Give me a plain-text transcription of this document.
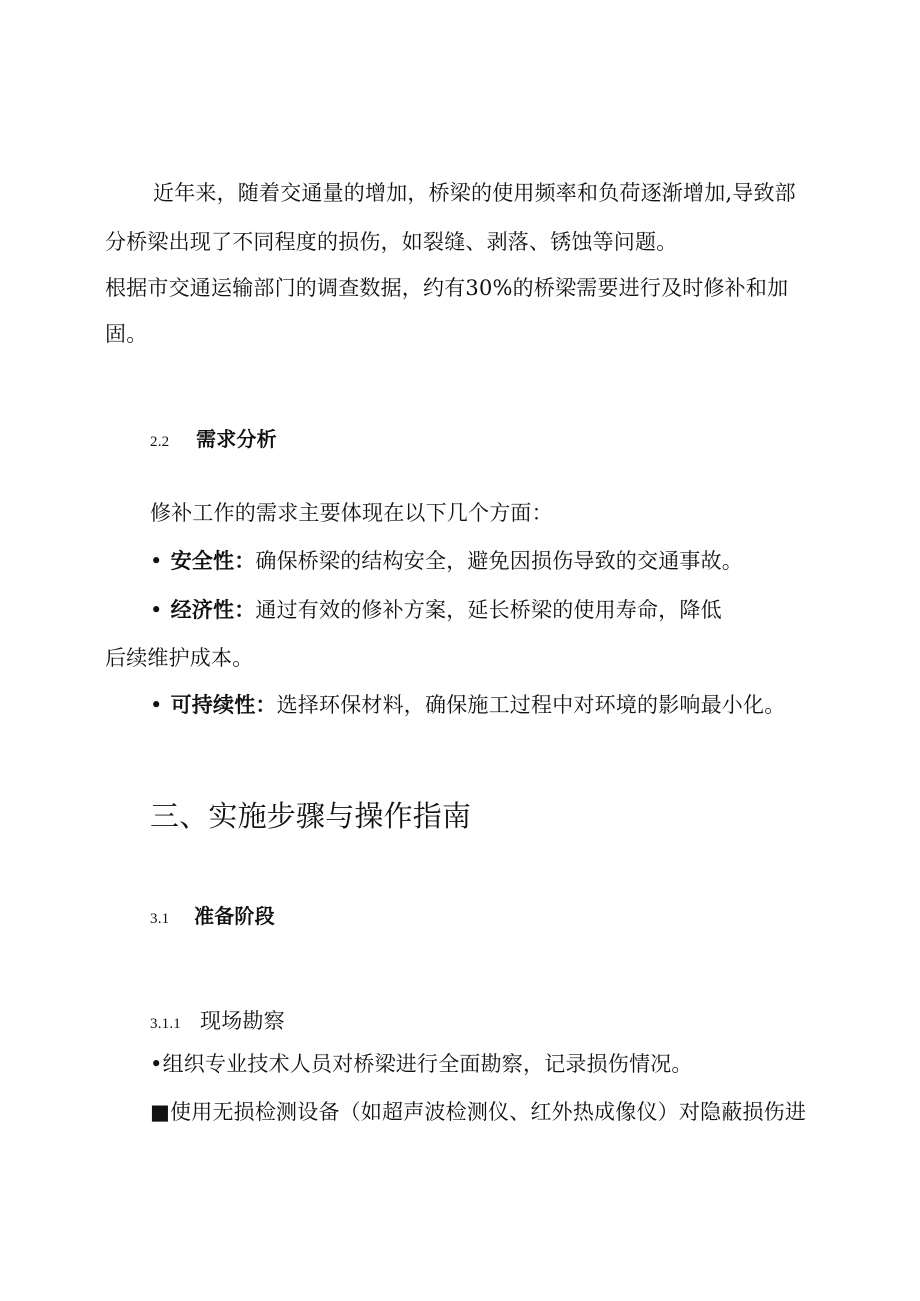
近年来，随着交通量的增加，桥梁的使用频率和负荷逐渐增加,导致部
分桥梁出现了不同程度的损伤，如裂缝、剥落、锈蚀等问题。
根据市交通运输部门的调查数据，约有30%的桥梁需要进行及时修补和加
固。
2.2 需求分析
修补工作的需求主要体现在以下几个方面：
• 安全性：确保桥梁的结构安全，避免因损伤导致的交通事故。
• 经济性：通过有效的修补方案，延长桥梁的使用寿命，降低
后续维护成本。
• 可持续性：选择环保材料，确保施工过程中对环境的影响最小化。
三、实施步骤与操作指南
3.1 准备阶段
3.1.1 现场勘察
•组织专业技术人员对桥梁进行全面勘察，记录损伤情况。
■使用无损检测设备（如超声波检测仪、红外热成像仪）对隐蔽损伤进
